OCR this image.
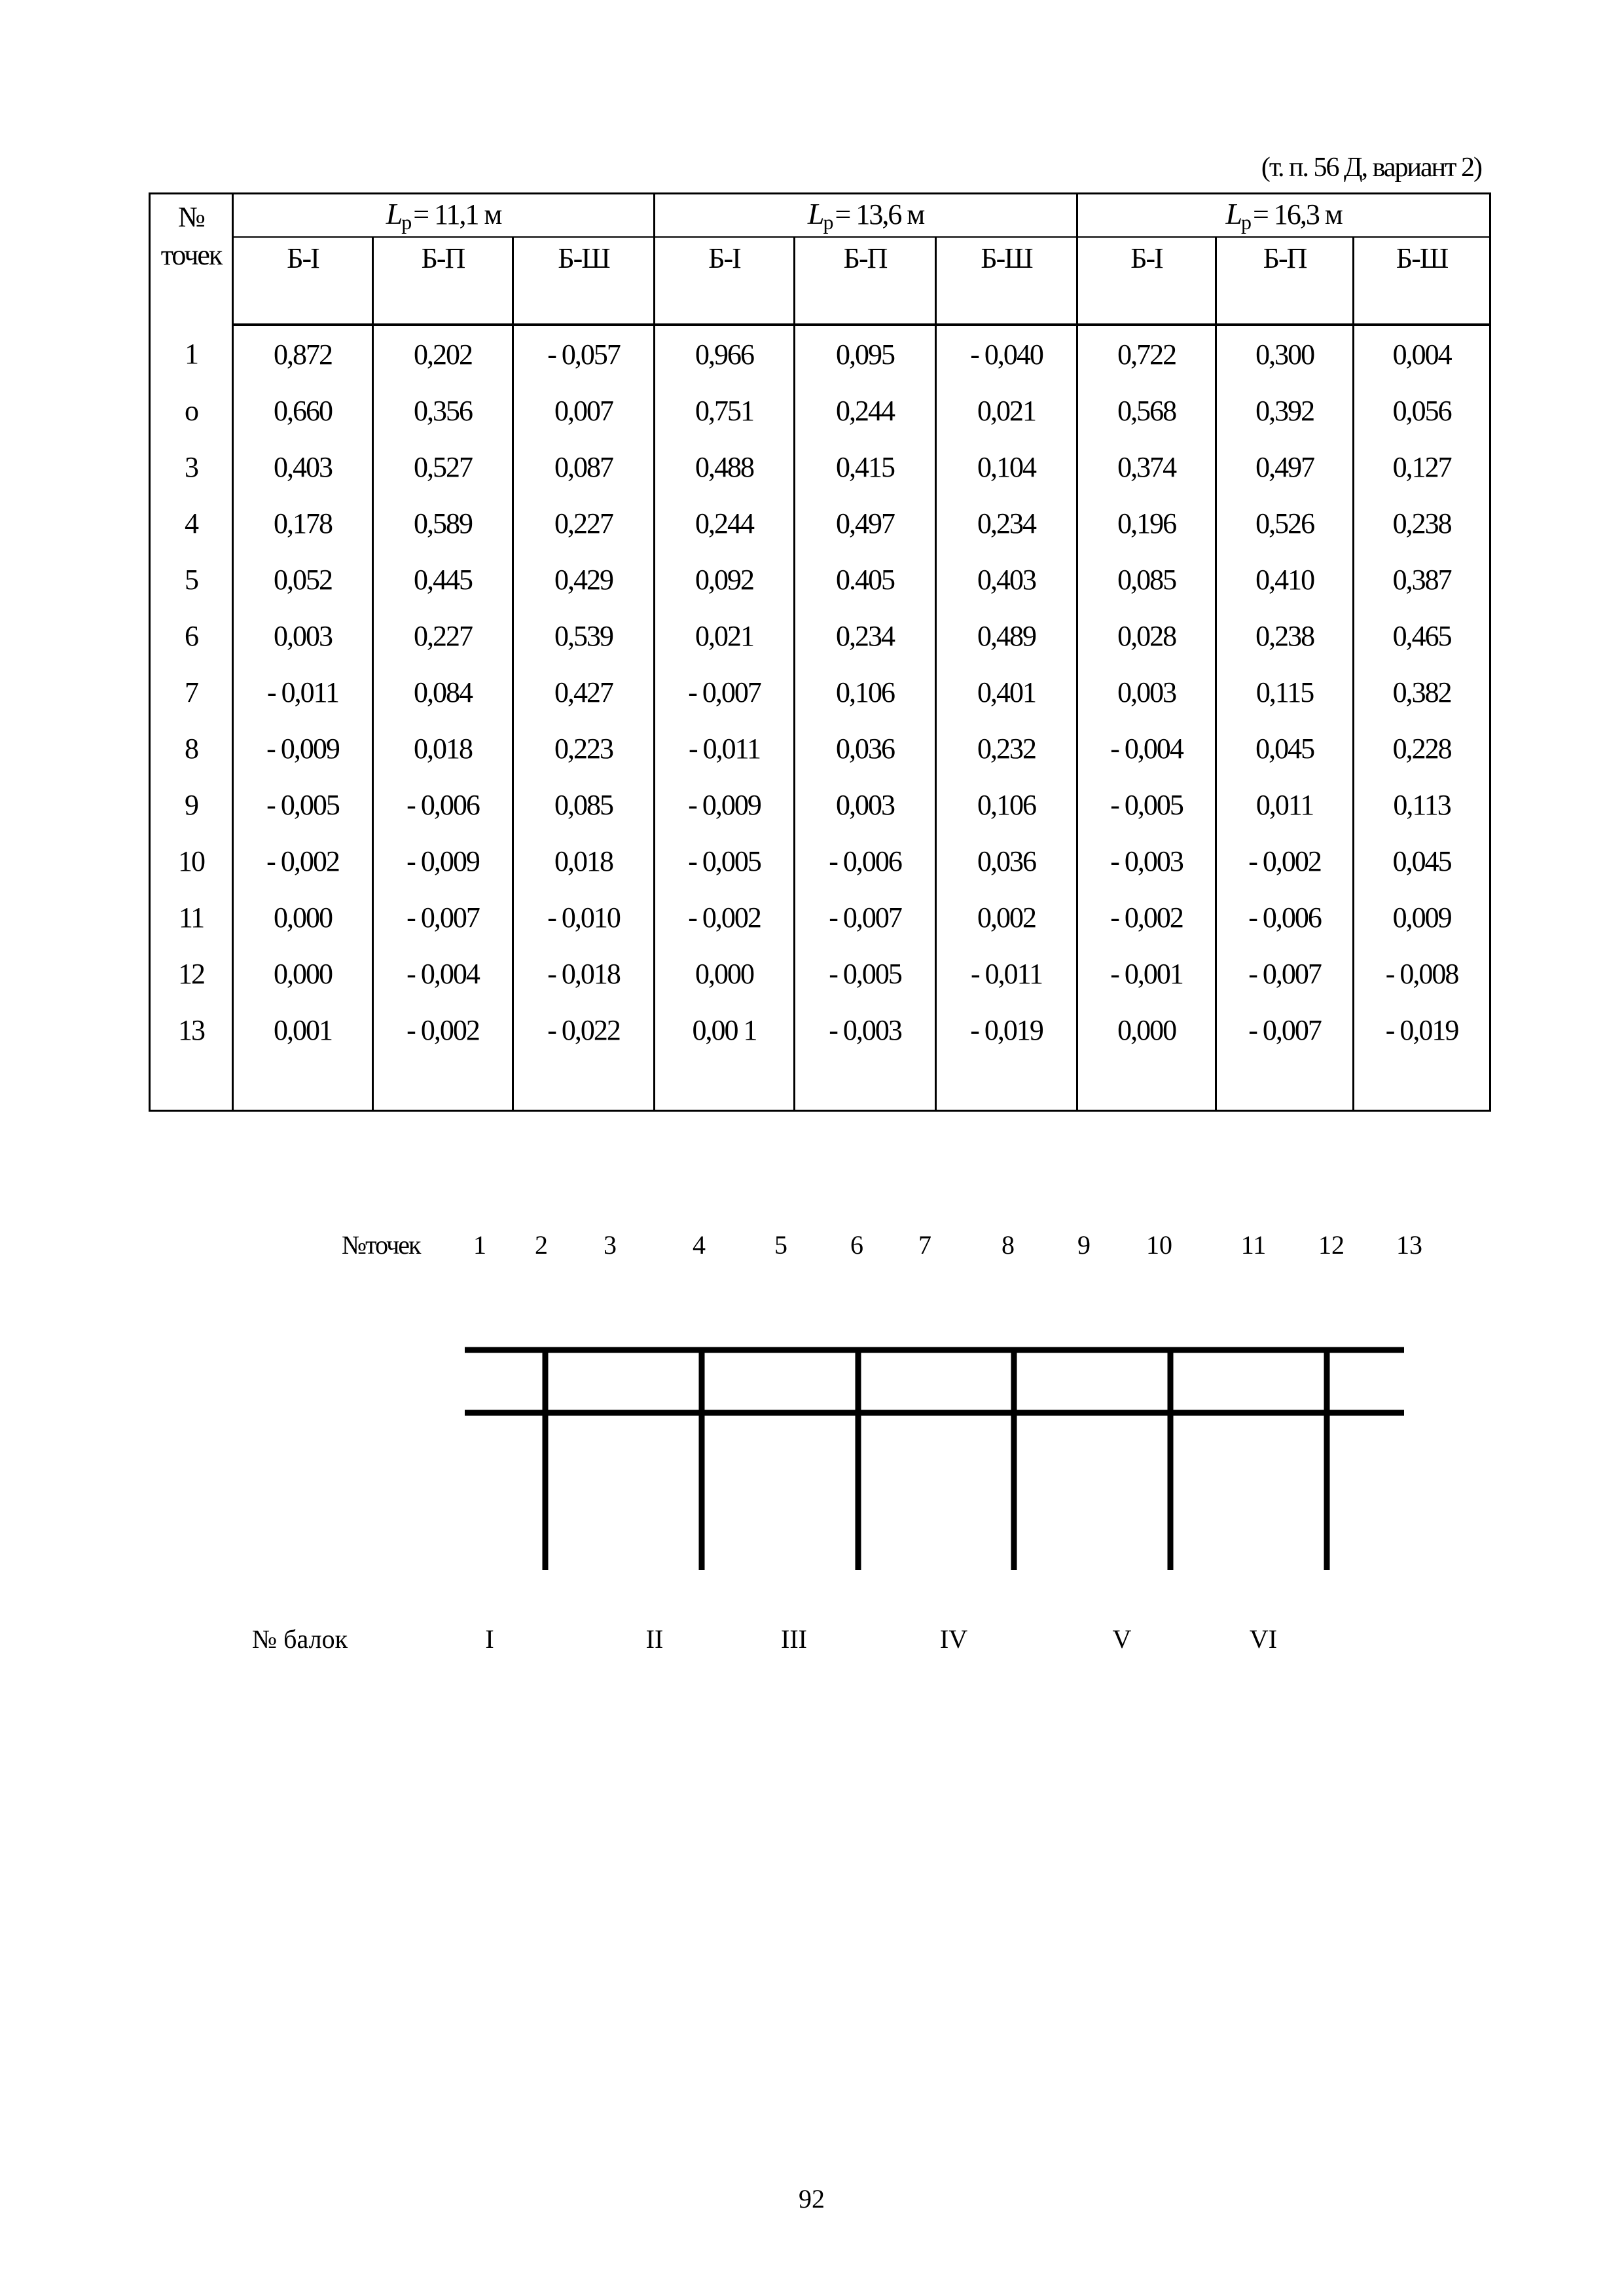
(т. п. 56 Д, вариант 2)
№
точек	Lр= 11,1 м			Lр= 13,6 м			Lр= 16,3 м		
	Б-I	Б-П	Б-Ш	Б-I	Б-П	Б-Ш	Б-I	Б-П	Б-Ш
1	0,872	0,202	- 0,057	0,966	0,095	- 0,040	0,722	0,300	0,004
o	0,660	0,356	0,007	0,751	0,244	0,021	0,568	0,392	0,056
3	0,403	0,527	0,087	0,488	0,415	0,104	0,374	0,497	0,127
4	0,178	0,589	0,227	0,244	0,497	0,234	0,196	0,526	0,238
5	0,052	0,445	0,429	0,092	0.405	0,403	0,085	0,410	0,387
6	0,003	0,227	0,539	0,021	0,234	0,489	0,028	0,238	0,465
7	- 0,011	0,084	0,427	- 0,007	0,106	0,401	0,003	0,115	0,382
8	- 0,009	0,018	0,223	- 0,011	0,036	0,232	- 0,004	0,045	0,228
9	- 0,005	- 0,006	0,085	- 0,009	0,003	0,106	- 0,005	0,011	0,113
10	- 0,002	- 0,009	0,018	- 0,005	- 0,006	0,036	- 0,003	- 0,002	0,045
11	0,000	- 0,007	- 0,010	- 0,002	- 0,007	0,002	- 0,002	- 0,006	0,009
12	0,000	- 0,004	- 0,018	0,000	- 0,005	- 0,011	- 0,001	- 0,007	- 0,008
13	0,001	- 0,002	- 0,022	0,00 1	- 0,003	- 0,019	0,000	- 0,007	- 0,019

№точек 1 2 3	4	5 6 7	8 9 10	11 12 13
№ балок	I	II	III	IV	V	VI
92
